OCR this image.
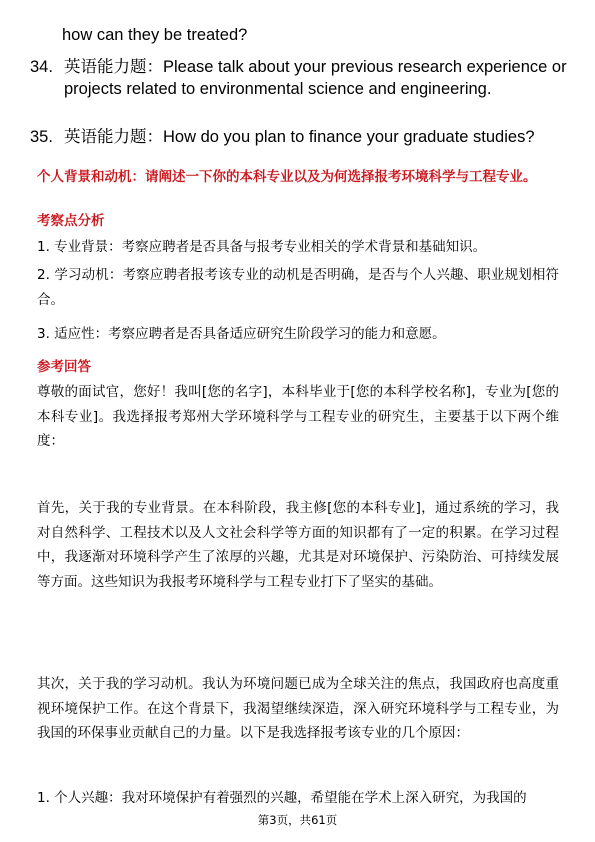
how can they be treated?
34. 英语能力题：Please talk about your previous research experience or projects related to environmental science and engineering.
35. 英语能力题：How do you plan to finance your graduate studies?
个人背景和动机：请阐述一下你的本科专业以及为何选择报考环境科学与工程专业。
考察点分析
1. 专业背景：考察应聘者是否具备与报考专业相关的学术背景和基础知识。
2. 学习动机：考察应聘者报考该专业的动机是否明确，是否与个人兴趣、职业规划相符合。
3. 适应性：考察应聘者是否具备适应研究生阶段学习的能力和意愿。
参考回答
尊敬的面试官，您好！我叫[您的名字]，本科毕业于[您的本科学校名称]，专业为[您的本科专业]。我选择报考郑州大学环境科学与工程专业的研究生，主要基于以下两个维度：
首先，关于我的专业背景。在本科阶段，我主修[您的本科专业]，通过系统的学习，我对自然科学、工程技术以及人文社会科学等方面的知识都有了一定的积累。在学习过程中，我逐渐对环境科学产生了浓厚的兴趣，尤其是对环境保护、污染防治、可持续发展等方面。这些知识为我报考环境科学与工程专业打下了坚实的基础。
其次，关于我的学习动机。我认为环境问题已成为全球关注的焦点，我国政府也高度重视环境保护工作。在这个背景下，我渴望继续深造，深入研究环境科学与工程专业，为我国的环保事业贡献自己的力量。以下是我选择报考该专业的几个原因：
1. 个人兴趣：我对环境保护有着强烈的兴趣，希望能在学术上深入研究，为我国的
第3页，共61页
